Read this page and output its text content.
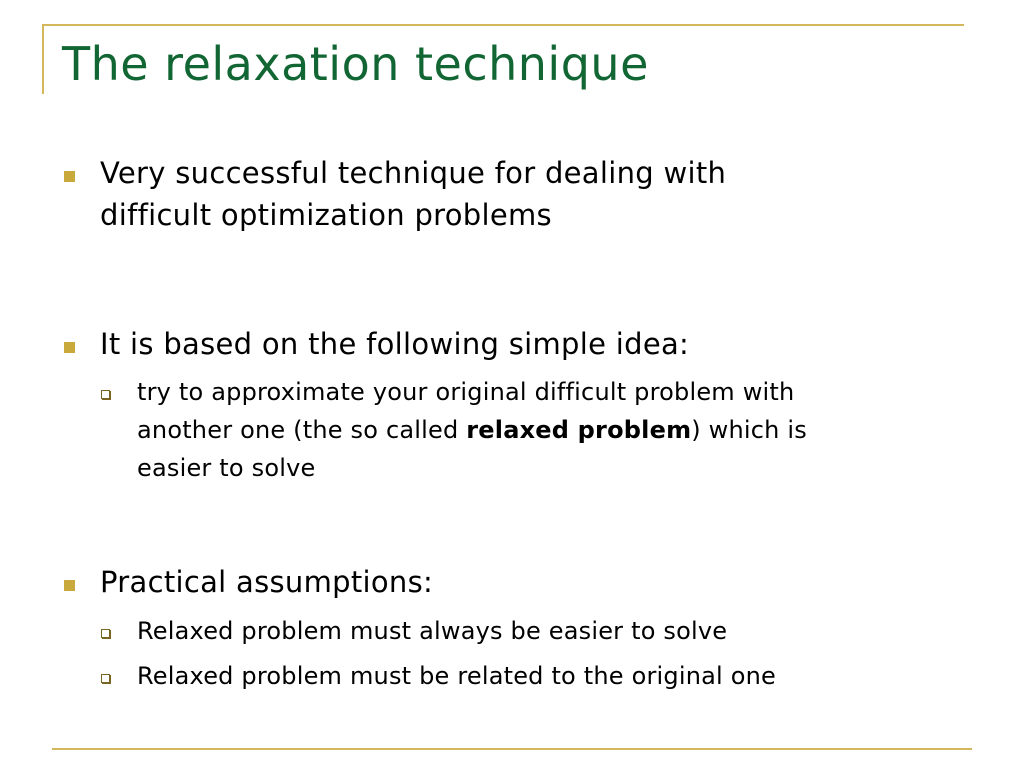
The relaxation technique
Very successful technique for dealing with
difficult optimization problems
It is based on the following simple idea:
try to approximate your original difficult problem with
another one (the so called relaxed problem) which is
easier to solve
Practical assumptions:
Relaxed problem must always be easier to solve
Relaxed problem must be related to the original one
